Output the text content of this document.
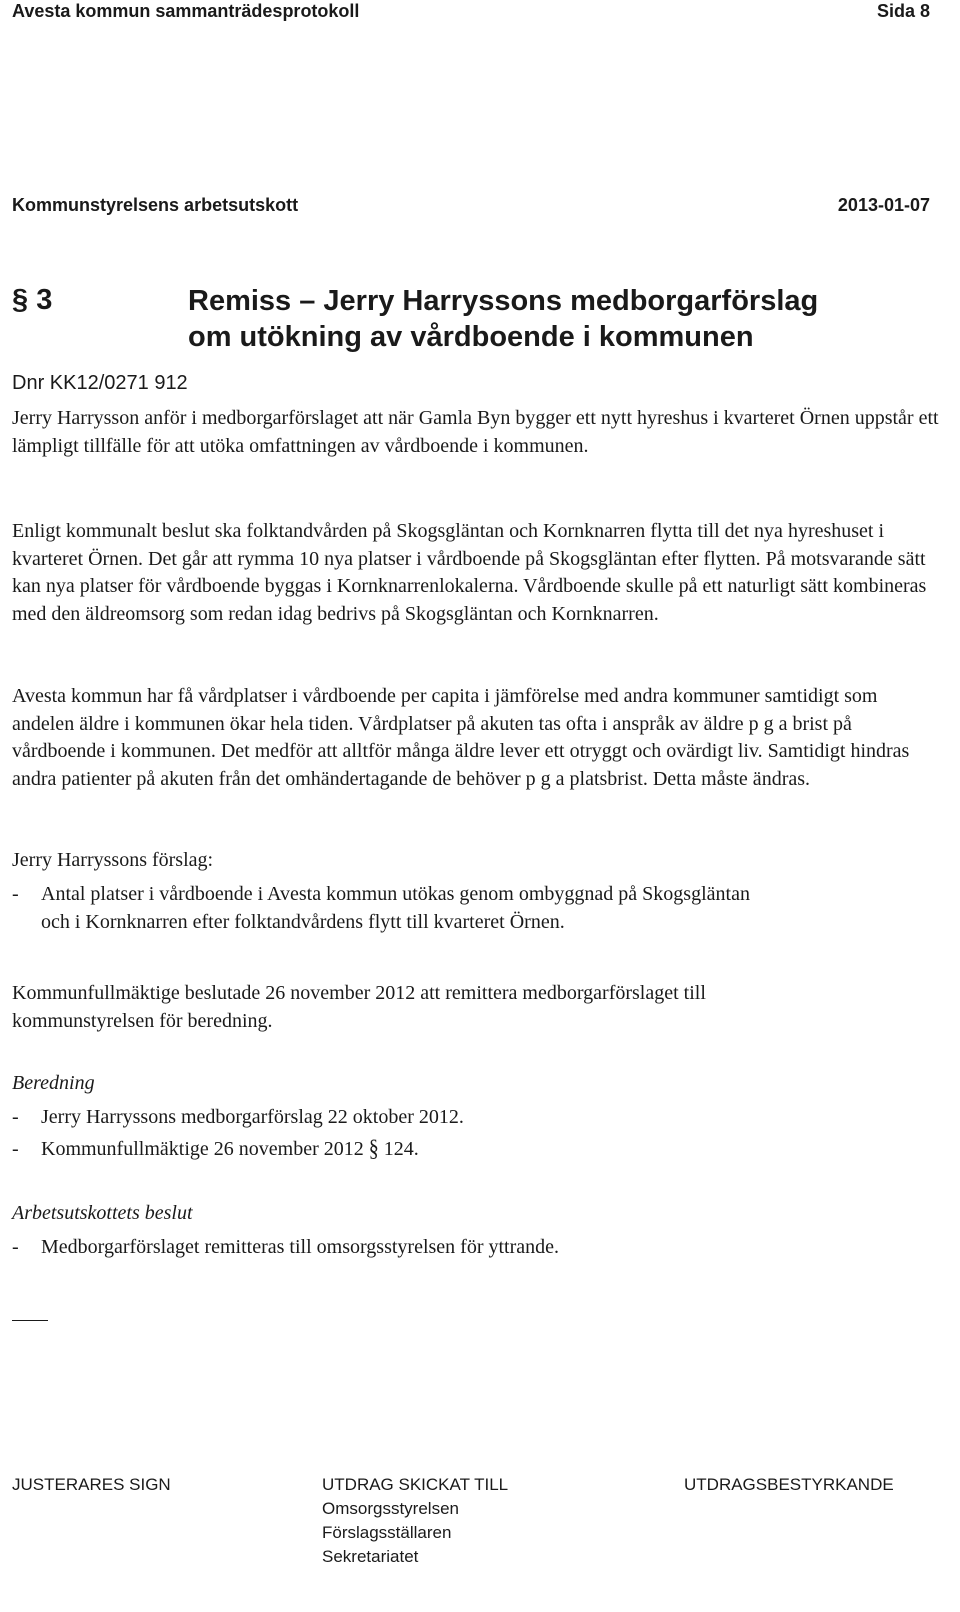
Avesta kommun sammanträdesprotokoll	Sida 8
Kommunstyrelsens arbetsutskott	2013-01-07
§ 3	Remiss – Jerry Harryssons medborgarförslag
om utökning av vårdboende i kommunen
Dnr KK12/0271 912

Jerry Harrysson anför i medborgarförslaget att när Gamla Byn bygger ett nytt hyreshus i kvarteret Örnen uppstår ett lämpligt tillfälle för att utöka omfattningen av vårdboende i kommunen.

Enligt kommunalt beslut ska folktandvården på Skogsgläntan och Kornknarren flytta till det nya hyreshuset i kvarteret Örnen. Det går att rymma 10 nya platser i vårdboende på Skogsgläntan efter flytten. På motsvarande sätt kan nya platser för vårdboende byggas i Kornknarrenlokalerna. Vårdboende skulle på ett naturligt sätt kombineras med den äldreomsorg som redan idag bedrivs på Skogsgläntan och Kornknarren.

Avesta kommun har få vårdplatser i vårdboende per capita i jämförelse med andra kommuner samtidigt som andelen äldre i kommunen ökar hela tiden. Vårdplatser på akuten tas ofta i anspråk av äldre p g a brist på vårdboende i kommunen. Det medför att alltför många äldre lever ett otryggt och ovärdigt liv. Samtidigt hindras andra patienter på akuten från det omhändertagande de behöver p g a platsbrist. Detta måste ändras.

Jerry Harryssons förslag:
- Antal platser i vårdboende i Avesta kommun utökas genom ombyggnad på Skogsgläntan
och i Kornknarren efter folktandvårdens flytt till kvarteret Örnen.
Kommunfullmäktige beslutade 26 november 2012 att remittera medborgarförslaget till
kommunstyrelsen för beredning.
Beredning
- Jerry Harryssons medborgarförslag 22 oktober 2012.
- Kommunfullmäktige 26 november 2012 § 124.
Arbetsutskottets beslut
- Medborgarförslaget remitteras till omsorgsstyrelsen för yttrande.
JUSTERARES SIGN	UTDRAG SKICKAT TILL
Omsorgsstyrelsen
Förslagsställaren
Sekretariatet
UTDRAGSBESTYRKANDE
